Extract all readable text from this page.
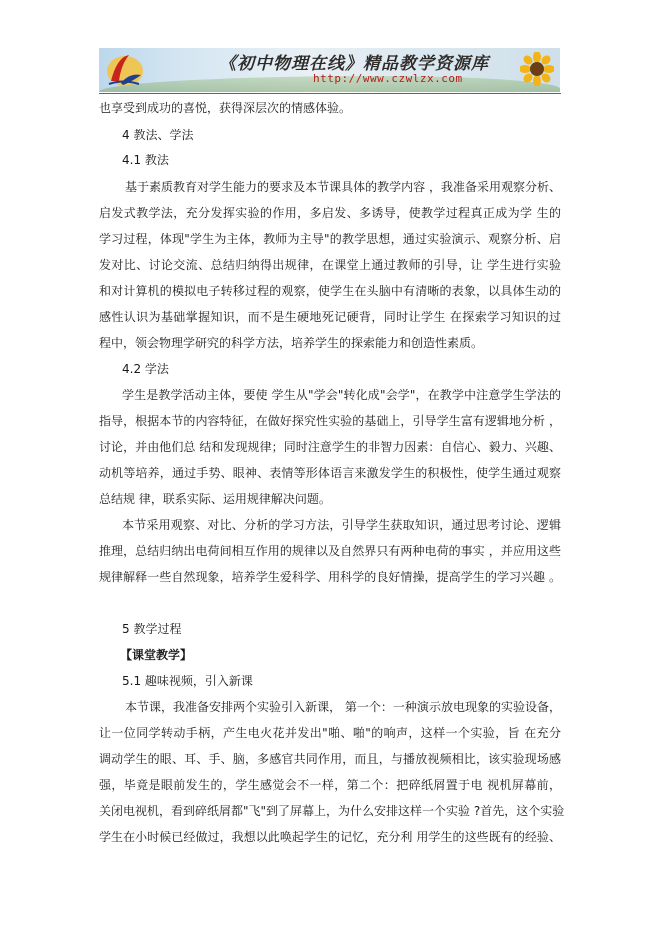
《初中物理在线》精品教学资源库
http://www.czwlzx.com
也享受到成功的喜悦，获得深层次的情感体验。
4 教法、学法
4.1 教法
基于素质教育对学生能力的要求及本节课具体的教学内容 ，我准备采用观察分析、
启发式教学法，充分发挥实验的作用，多启发、多诱导，使教学过程真正成为学 生的
学习过程，体现"学生为主体，教师为主导"的教学思想，通过实验演示、观察分析、启
发对比、讨论交流、总结归纳得出规律，在课堂上通过教师的引导，让 学生进行实验
和对计算机的模拟电子转移过程的观察，使学生在头脑中有清晰的表象，以具体生动的
感性认识为基础掌握知识，而不是生硬地死记硬背，同时让学生 在探索学习知识的过
程中，领会物理学研究的科学方法，培养学生的探索能力和创造性素质。
4.2 学法
学生是教学活动主体，要使 学生从"学会"转化成"会学"，在教学中注意学生学法的
指导，根据本节的内容特征，在做好探究性实验的基础上，引导学生富有逻辑地分析 ，
讨论，并由他们总 结和发现规律；同时注意学生的非智力因素：自信心、毅力、兴趣、
动机等培养，通过手势、眼神、表情等形体语言来激发学生的积极性，使学生通过观察
总结规 律，联系实际、运用规律解决问题。
本节采用观察、对比、分析的学习方法，引导学生获取知识，通过思考讨论、逻辑
推理，总结归纳出电荷间相互作用的规律以及自然界只有两种电荷的事实 ，并应用这些
规律解释一些自然现象，培养学生爱科学、用科学的良好情操，提高学生的学习兴趣 。
5 教学过程
【课堂教学】
5.1 趣味视频，引入新课
本节课，我准备安排两个实验引入新课， 第一个：一种演示放电现象的实验设备，
让一位同学转动手柄，产生电火花并发出"啪、啪"的响声，这样一个实验，旨 在充分
调动学生的眼、耳、手、脑，多感官共同作用，而且，与播放视频相比，该实验现场感
强，毕竟是眼前发生的，学生感觉会不一样，第二个：把碎纸屑置于电 视机屏幕前，
关闭电视机，看到碎纸屑都"飞"到了屏幕上，为什么安排这样一个实验 ?首先，这个实验
学生在小时候已经做过，我想以此唤起学生的记忆，充分利 用学生的这些既有的经验、
